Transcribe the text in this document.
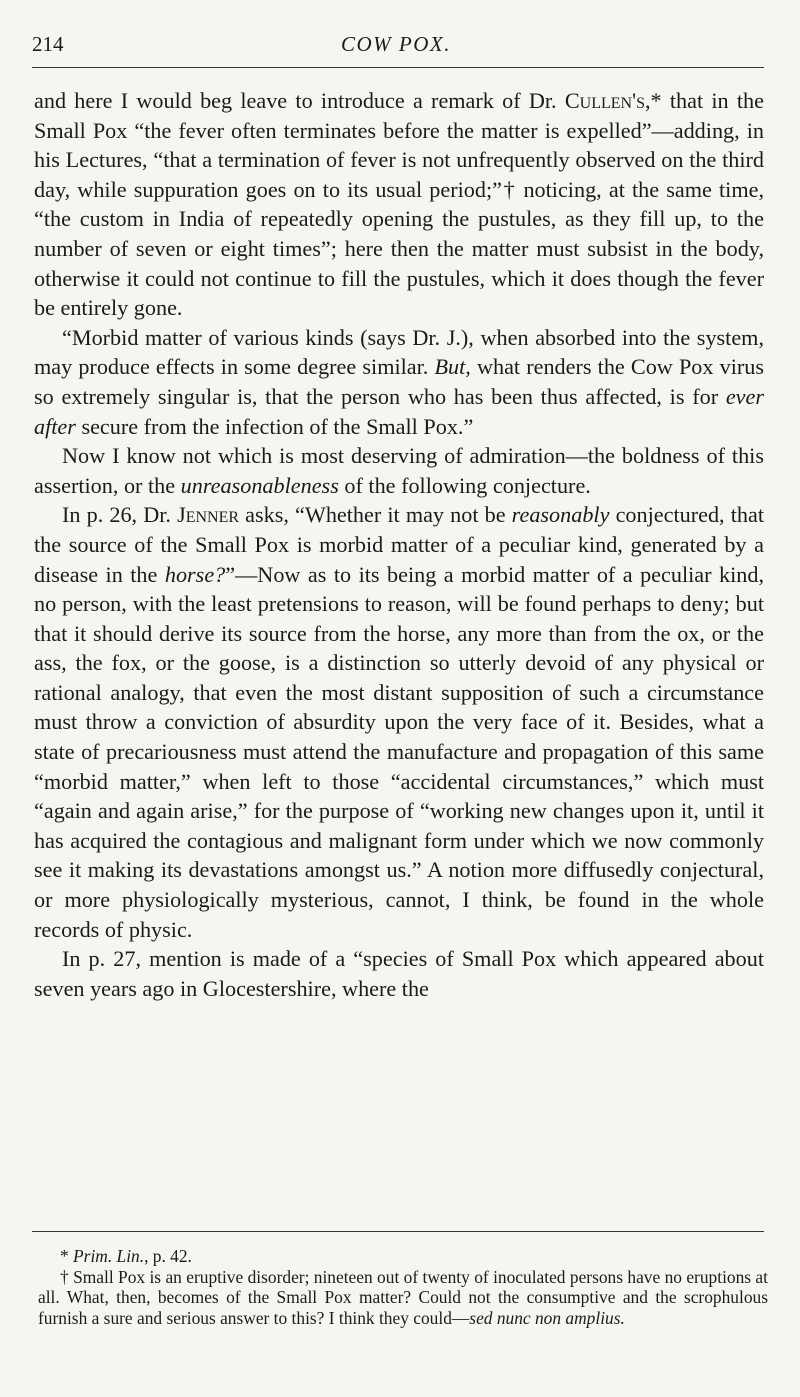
214	COW POX.

and here I would beg leave to introduce a remark of Dr. Cullen's,* that in the Small Pox “the fever often terminates before the matter is expelled”—adding, in his Lectures, “that a termination of fever is not unfrequently observed on the third day, while suppuration goes on to its usual period;”† noticing, at the same time, “the custom in India of repeatedly opening the pustules, as they fill up, to the number of seven or eight times”; here then the matter must subsist in the body, otherwise it could not continue to fill the pustules, which it does though the fever be entirely gone.

“Morbid matter of various kinds (says Dr. J.), when absorbed into the system, may produce effects in some degree similar. But, what renders the Cow Pox virus so extremely singular is, that the person who has been thus affected, is for ever after secure from the infection of the Small Pox.”

Now I know not which is most deserving of admiration—the boldness of this assertion, or the unreasonableness of the following conjecture.

In p. 26, Dr. Jenner asks, “Whether it may not be reasonably conjectured, that the source of the Small Pox is morbid matter of a peculiar kind, generated by a disease in the horse?”—Now as to its being a morbid matter of a peculiar kind, no person, with the least pretensions to reason, will be found perhaps to deny; but that it should derive its source from the horse, any more than from the ox, or the ass, the fox, or the goose, is a distinction so utterly devoid of any physical or rational analogy, that even the most distant supposition of such a circumstance must throw a conviction of absurdity upon the very face of it. Besides, what a state of precariousness must attend the manufacture and propagation of this same “morbid matter,” when left to those “accidental circumstances,” which must “again and again arise,” for the purpose of “working new changes upon it, until it has acquired the contagious and malignant form under which we now commonly see it making its devastations amongst us.” A notion more diffusedly conjectural, or more physiologically mysterious, cannot, I think, be found in the whole records of physic.

In p. 27, mention is made of a “species of Small Pox which appeared about seven years ago in Glocestershire, where the

* Prim. Lin., p. 42.

† Small Pox is an eruptive disorder; nineteen out of twenty of inoculated persons have no eruptions at all. What, then, becomes of the Small Pox matter? Could not the consumptive and the scrophulous furnish a sure and serious answer to this? I think they could—sed nunc non amplius.
